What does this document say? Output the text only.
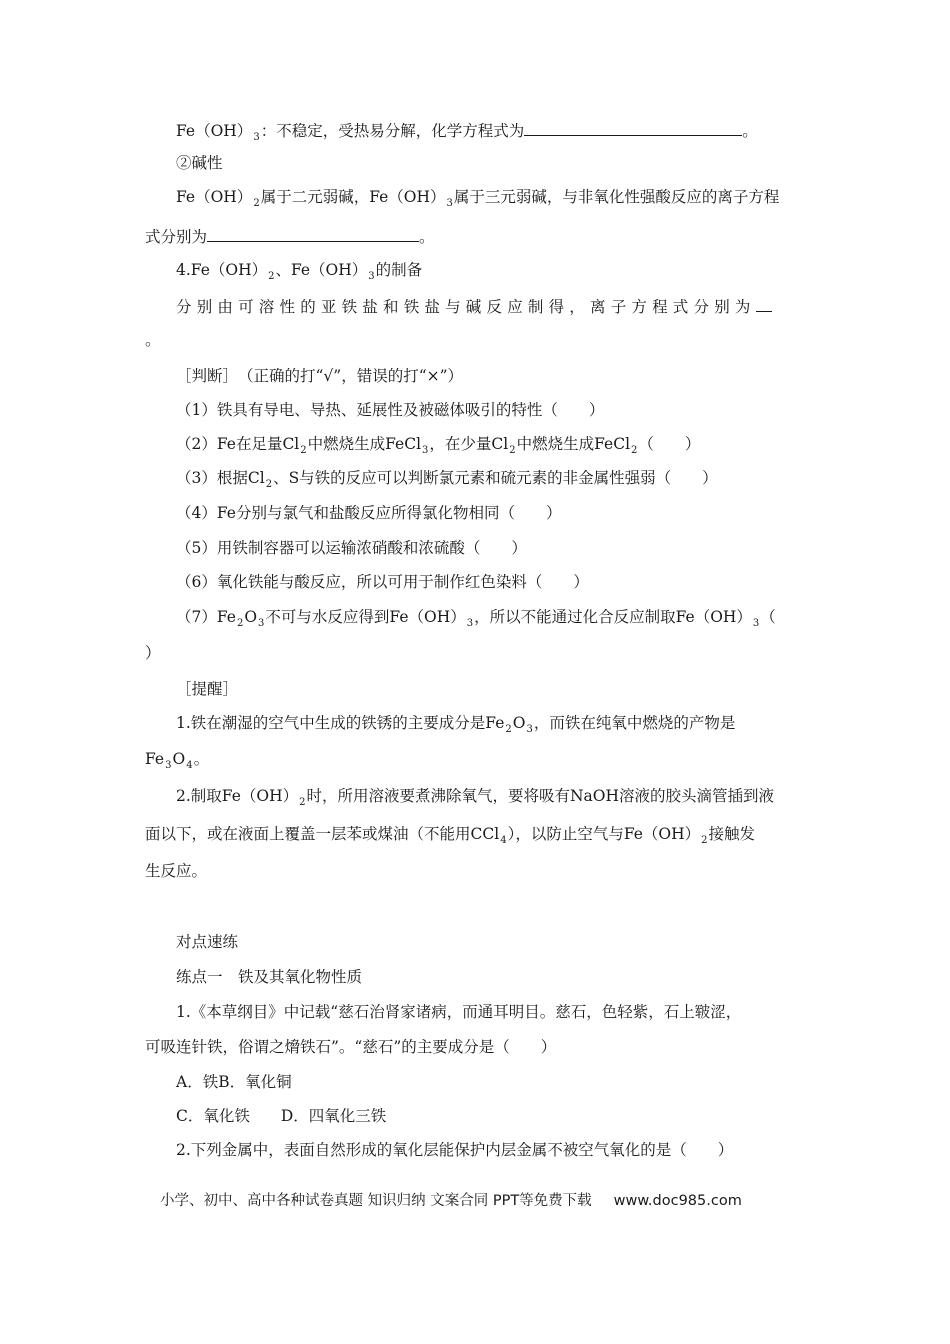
$Fe(OH)_3$：不稳定，受热易分解，化学方程式为	。
②碱性
$Fe(OH)_2$属于二元弱碱，$Fe(OH)_3$属于三元弱碱，与非氧化性强酸反应的离子方程
式分别为	。
$4.Fe(OH)_2$、$Fe(OH)_3$的制备
分别由可溶性的亚铁盐和铁盐与碱反应制得，离子方程式分别为
。
［判断］　（正确的打“√”，错误的打“×”）
（1）铁具有导电、导热、延展性及被磁体吸引的特性（　　）
（2）Fe在足量$Cl_2$中燃烧生成FeCl$_3$，在少量$Cl_2$中燃烧生成FeCl$_2$（　　）
（3）根据$Cl_2$、S与铁的反应可以判断氯元素和硫元素的非金属性强弱（　　）
（4）Fe分别与氯气和盐酸反应所得氯化物相同（　　）
（5）用铁制容器可以运输浓硝酸和浓硫酸（　　）
（6）氧化铁能与酸反应，所以可用于制作红色染料（　　）
$(7)Fe_2O_3$不可与水反应得到$Fe(OH)_3$，所以不能通过化合反应制取$Fe(OH)_3$（
）
［提醒］
1.铁在潮湿的空气中生成的铁锈的主要成分是$Fe_2O_3$，而铁在纯氧中燃烧的产物是
$Fe_3O_4$。
2.制取$Fe(OH)_2$时，所用溶液要煮沸除氧气，要将吸有NaOH溶液的胶头滴管插到液
面以下，或在液面上覆盖一层苯或煤油（不能用CCl$_4$），以防止空气与$Fe(OH)_2$接触发
生反应。
对点速练
练点一　铁及其氧化物性质
1.《本草纲目》中记载“慈石治肾家诸病，而通耳明目。慈石，色轻紫，石上皲涩，
可吸连针铁，俗谓之熁铁石”。“慈石”的主要成分是（　　）
A．铁B．氧化铜
C．氧化铁　　D．四氧化三铁
2.下列金属中，表面自然形成的氧化层能保护内层金属不被空气氧化的是（　　）
小学、初中、高中各种试卷真题 知识归纳 文案合同 PPT等免费下载 www.doc985.com
